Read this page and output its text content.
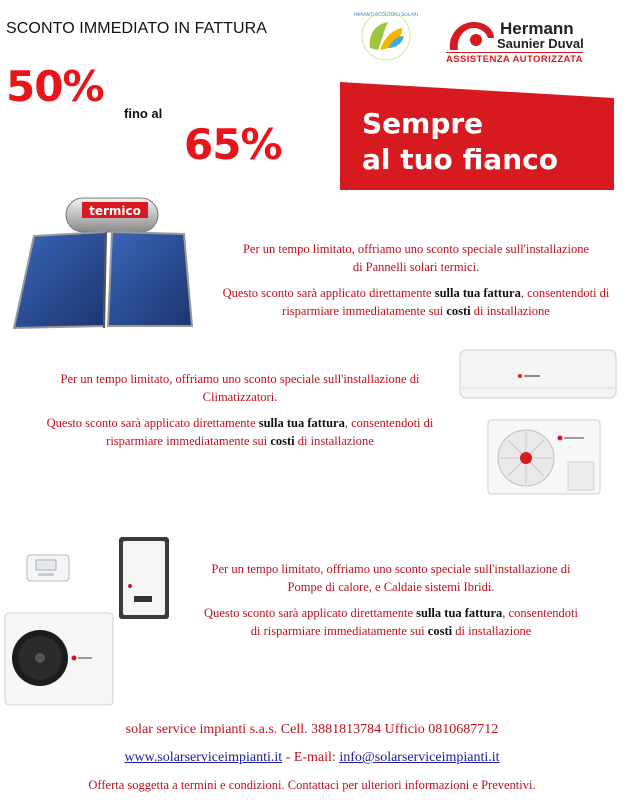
SCONTO IMMEDIATO IN FATTURA
50%
fino al
65%
IMPIANTI ECOLOGICI SOLARI
Hermann
Saunier Duval
ASSISTENZA AUTORIZZATA
Sempre
al tuo fianco
termico
Per un tempo limitato, offriamo uno sconto speciale sull'installazione
di Pannelli solari termici.
Questo sconto sarà applicato direttamente sulla tua fattura, consentendoti di
risparmiare immediatamente sui costi di installazione
Per un tempo limitato, offriamo uno sconto speciale sull'installazione di
Climatizzatori.
Questo sconto sarà applicato direttamente sulla tua fattura, consentendoti di
risparmiare immediatamente sui costi di installazione
Per un tempo limitato, offriamo uno sconto speciale sull'installazione di
Pompe di calore, e Caldaie sistemi Ibridi.
Questo sconto sarà applicato direttamente sulla tua fattura, consentendoti
di risparmiare immediatamente sui costi di installazione
solar service impianti s.a.s. Cell. 3881813784 Ufficio 0810687712
www.solarserviceimpianti.it - E-mail: info@solarserviceimpianti.it
Offerta soggetta a termini e condizioni. Contattaci per ulteriori informazioni e Preventivi.
